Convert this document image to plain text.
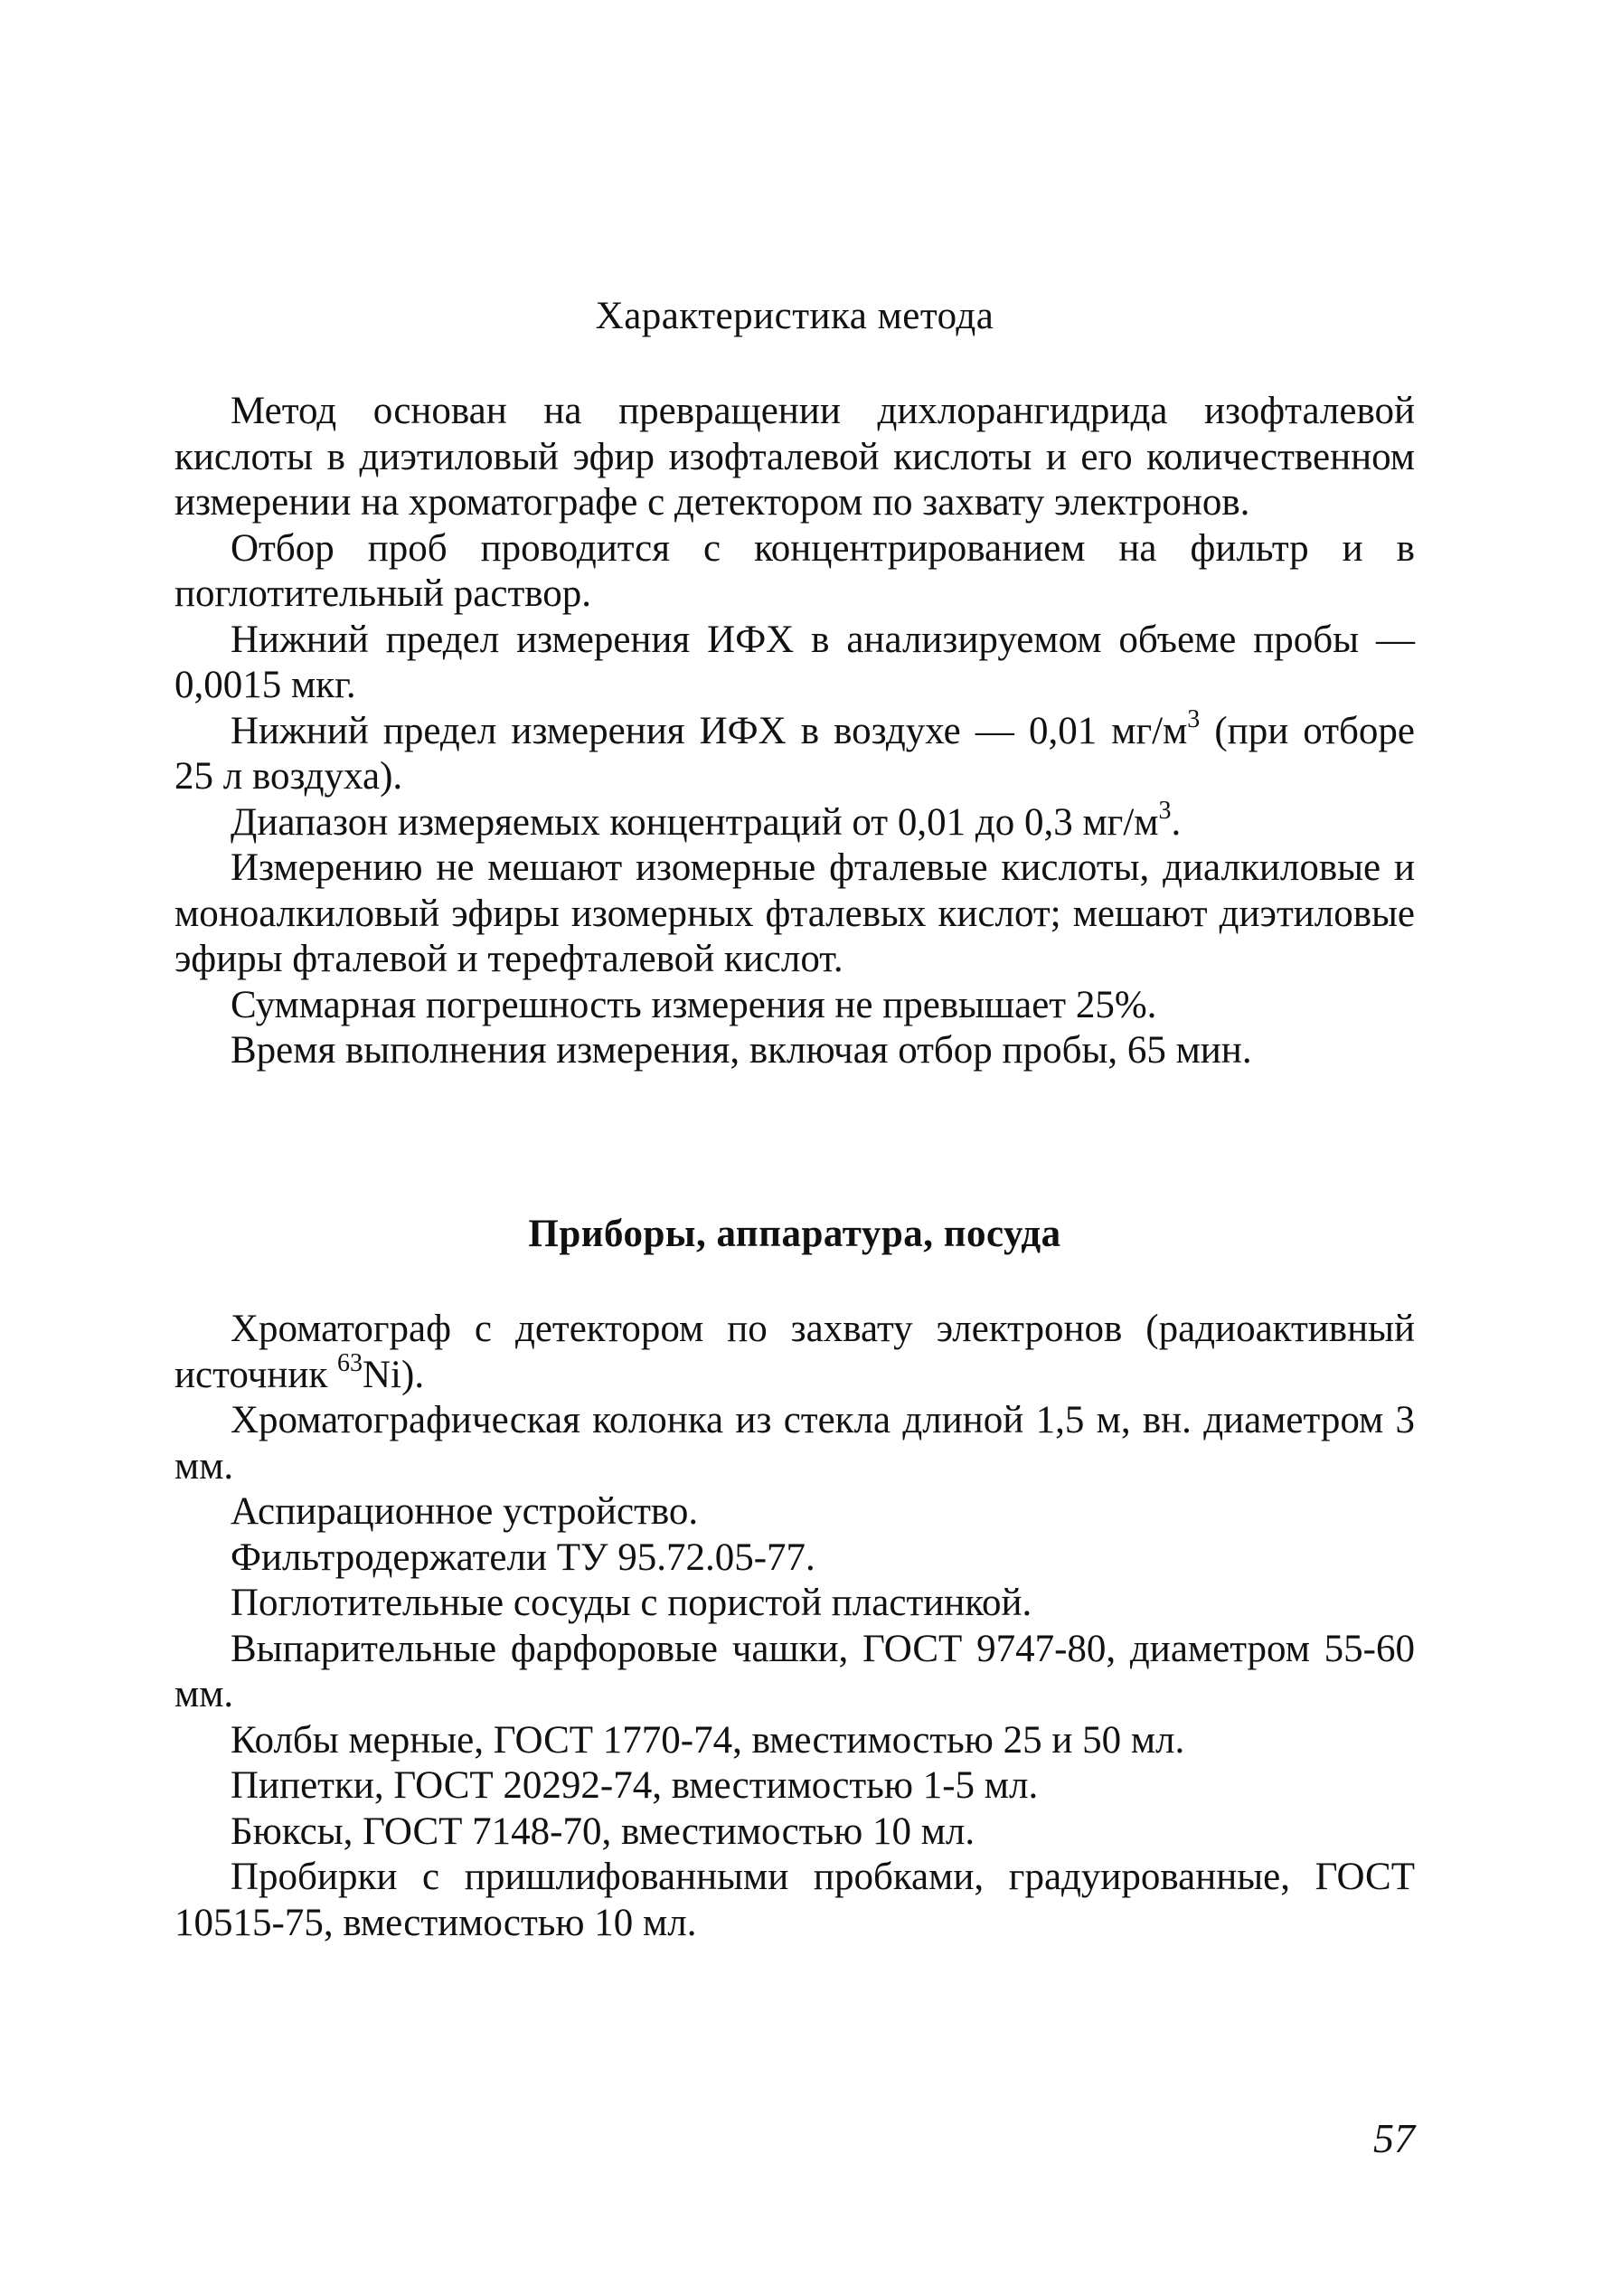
Характеристика метода

Метод основан на превращении дихлорангидрида изофталевой кислоты в диэтиловый эфир изофталевой кислоты и его количественном измерении на хроматографе с детектором по захвату электронов.

Отбор проб проводится с концентрированием на фильтр и в поглотительный раствор.

Нижний предел измерения ИФХ в анализируемом объеме пробы — 0,0015 мкг.

Нижний предел измерения ИФХ в воздухе — 0,01 $мг/м^3$ (при отборе 25 л воздуха).

Диапазон измеряемых концентраций от 0,01 до 0,3 $мг/м^3$.

Измерению не мешают изомерные фталевые кислоты, диалкиловые и моноалкиловый эфиры изомерных фталевых кислот; мешают диэтиловые эфиры фталевой и терефталевой кислот.

Суммарная погрешность измерения не превышает 25%.

Время выполнения измерения, включая отбор пробы, 65 мин.

Приборы, аппаратура, посуда

Хроматограф с детектором по захвату электронов (радиоактивный источник $^{63}$Ni).

Хроматографическая колонка из стекла длиной 1,5 м, вн. диаметром 3 мм.

Аспирационное устройство.

Фильтродержатели ТУ 95.72.05-77.

Поглотительные сосуды с пористой пластинкой.

Выпарительные фарфоровые чашки, ГОСТ 9747-80, диаметром 55-60 мм.

Колбы мерные, ГОСТ 1770-74, вместимостью 25 и 50 мл.

Пипетки, ГОСТ 20292-74, вместимостью 1-5 мл.

Бюксы, ГОСТ 7148-70, вместимостью 10 мл.

Пробирки с пришлифованными пробками, градуированные, ГОСТ 10515-75, вместимостью 10 мл.

57
